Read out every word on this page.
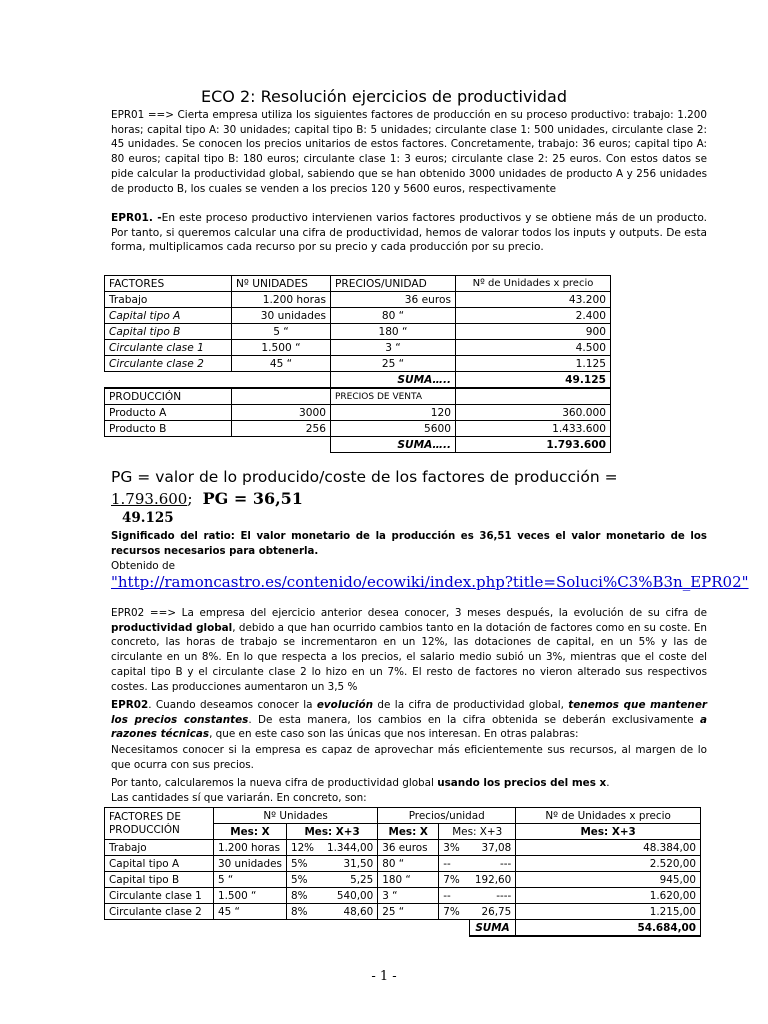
ECO 2: Resolución ejercicios de productividad

EPR01 ==> Cierta empresa utiliza los siguientes factores de producción en su proceso productivo: trabajo: 1.200 horas; capital tipo A: 30 unidades; capital tipo B: 5 unidades; circulante clase 1: 500 unidades, circulante clase 2: 45 unidades. Se conocen los precios unitarios de estos factores. Concretamente, trabajo: 36 euros; capital tipo A: 80 euros; capital tipo B: 180 euros; circulante clase 1: 3 euros; circulante clase 2: 25 euros. Con estos datos se pide calcular la productividad global, sabiendo que se han obtenido 3000 unidades de producto A y 256 unidades de producto B, los cuales se venden a los precios 120 y 5600 euros, respectivamente

EPR01. -En este proceso productivo intervienen varios factores productivos y se obtiene más de un producto. Por tanto, si queremos calcular una cifra de productividad, hemos de valorar todos los inputs y outputs. De esta forma, multiplicamos cada recurso por su precio y cada producción por su precio.

FACTORES	Nº UNIDADES	PRECIOS/UNIDAD	Nº de Unidades x precio
Trabajo	1.200 horas	36 euros	43.200
Capital tipo A	30 unidades	80 “	2.400
Capital tipo B	5 “	180 “	900
Circulante clase 1	1.500 “	3 “	4.500
Circulante clase 2	45 “	25 “	1.125
		SUMA…..	49.125
PRODUCCIÓN		PRECIOS DE VENTA	
Producto A	3000	120	360.000
Producto B	256	5600	1.433.600
		SUMA…..	1.793.600
PG = valor de lo producido/coste de los factores de producción =
1.793.600; PG = 36,51
49.125

Significado del ratio: El valor monetario de la producción es 36,51 veces el valor monetario de los recursos necesarios para obtenerla.

Obtenido de

"http://ramoncastro.es/contenido/ecowiki/index.php?title=Soluci%C3%B3n_EPR02"

EPR02 ==> La empresa del ejercicio anterior desea conocer, 3 meses después, la evolución de su cifra de productividad global, debido a que han ocurrido cambios tanto en la dotación de factores como en su coste. En concreto, las horas de trabajo se incrementaron en un 12%, las dotaciones de capital, en un 5% y las de circulante en un 8%. En lo que respecta a los precios, el salario medio subió un 3%, mientras que el coste del capital tipo B y el circulante clase 2 lo hizo en un 7%. El resto de factores no vieron alterado sus respectivos costes. Las producciones aumentaron un 3,5 %

EPR02. Cuando deseamos conocer la evolución de la cifra de productividad global, tenemos que mantener los precios constantes. De esta manera, los cambios en la cifra obtenida se deberán exclusivamente a razones técnicas, que en este caso son las únicas que nos interesan. En otras palabras:

Necesitamos conocer si la empresa es capaz de aprovechar más eficientemente sus recursos, al margen de lo que ocurra con sus precios.

Por tanto, calcularemos la nueva cifra de productividad global usando los precios del mes x.

Las cantidades sí que variarán. En concreto, son:

FACTORES DE PRODUCCIÓN	Nº Unidades			Precios/unidad			Nº de Unidades x precio
	Mes: X	Mes: X+3		Mes: X	Mes: X+3		Mes: X+3
Trabajo	1.200 horas	12%	1.344,00	36 euros	3%	37,08	48.384,00
Capital tipo A	30 unidades	5%	31,50	80 “	--	---	2.520,00
Capital tipo B	5 “	5%	5,25	180 “	7%	192,60	945,00
Circulante clase 1	1.500 “	8%	540,00	3 “	--	----	1.620,00
Circulante clase 2	45 “	8%	48,60	25 “	7%	26,75	1.215,00
						SUMA	54.684,00
- 1 -
